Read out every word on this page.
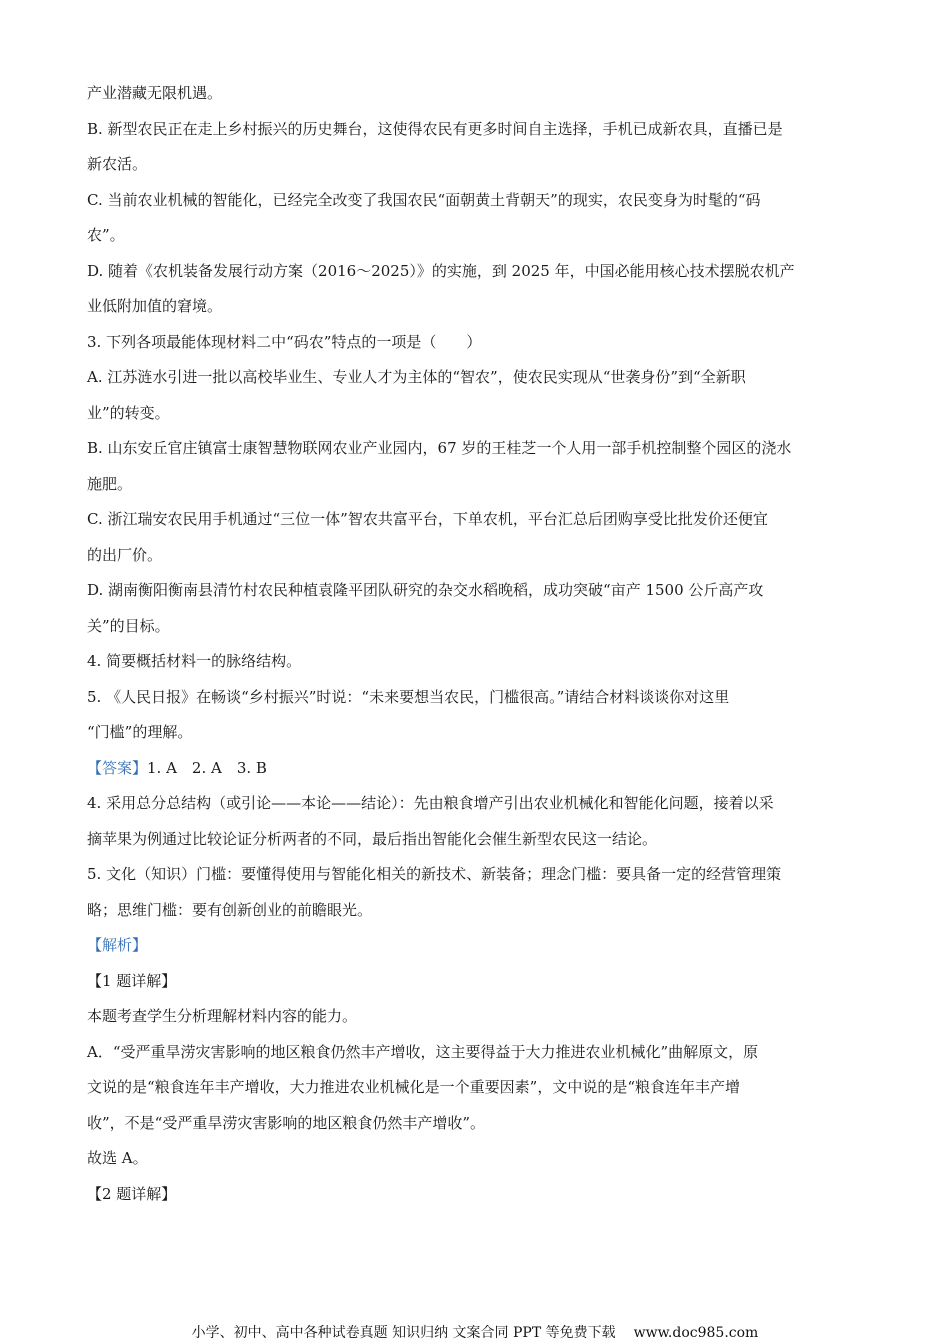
产业潜藏无限机遇。

B. 新型农民正在走上乡村振兴的历史舞台，这使得农民有更多时间自主选择，手机已成新农具，直播已是

新农活。

C. 当前农业机械的智能化，已经完全改变了我国农民“面朝黄土背朝天”的现实，农民变身为时髦的“码

农”。

D. 随着《农机装备发展行动方案（2016～2025）》的实施，到 2025 年，中国必能用核心技术摆脱农机产

业低附加值的窘境。

3. 下列各项最能体现材料二中“码农”特点的一项是（　　）

A. 江苏涟水引进一批以高校毕业生、专业人才为主体的“智农”，使农民实现从“世袭身份”到“全新职

业”的转变。

B. 山东安丘官庄镇富士康智慧物联网农业产业园内，67 岁的王桂芝一个人用一部手机控制整个园区的浇水

施肥。

C. 浙江瑞安农民用手机通过“三位一体”智农共富平台，下单农机，平台汇总后团购享受比批发价还便宜

的出厂价。

D. 湖南衡阳衡南县清竹村农民种植袁隆平团队研究的杂交水稻晚稻，成功突破“亩产 1500 公斤高产攻

关”的目标。

4. 简要概括材料一的脉络结构。

5. 《人民日报》在畅谈“乡村振兴”时说：“未来要想当农民，门槛很高。”请结合材料谈谈你对这里

“门槛”的理解。

【答案】1. A　2. A　3. B

4. 采用总分总结构（或引论——本论——结论）：先由粮食增产引出农业机械化和智能化问题，接着以采

摘苹果为例通过比较论证分析两者的不同，最后指出智能化会催生新型农民这一结论。

5. 文化（知识）门槛：要懂得使用与智能化相关的新技术、新装备；理念门槛：要具备一定的经营管理策

略；思维门槛：要有创新创业的前瞻眼光。

【解析】

【1 题详解】

本题考查学生分析理解材料内容的能力。

A．“受严重旱涝灾害影响的地区粮食仍然丰产增收，这主要得益于大力推进农业机械化”曲解原文，原

文说的是“粮食连年丰产增收，大力推进农业机械化是一个重要因素”，文中说的是“粮食连年丰产增

收”，不是“受严重旱涝灾害影响的地区粮食仍然丰产增收”。

故选 A。

【2 题详解】

小学、初中、高中各种试卷真题 知识归纳 文案合同 PPT 等免费下载 www.doc985.com
